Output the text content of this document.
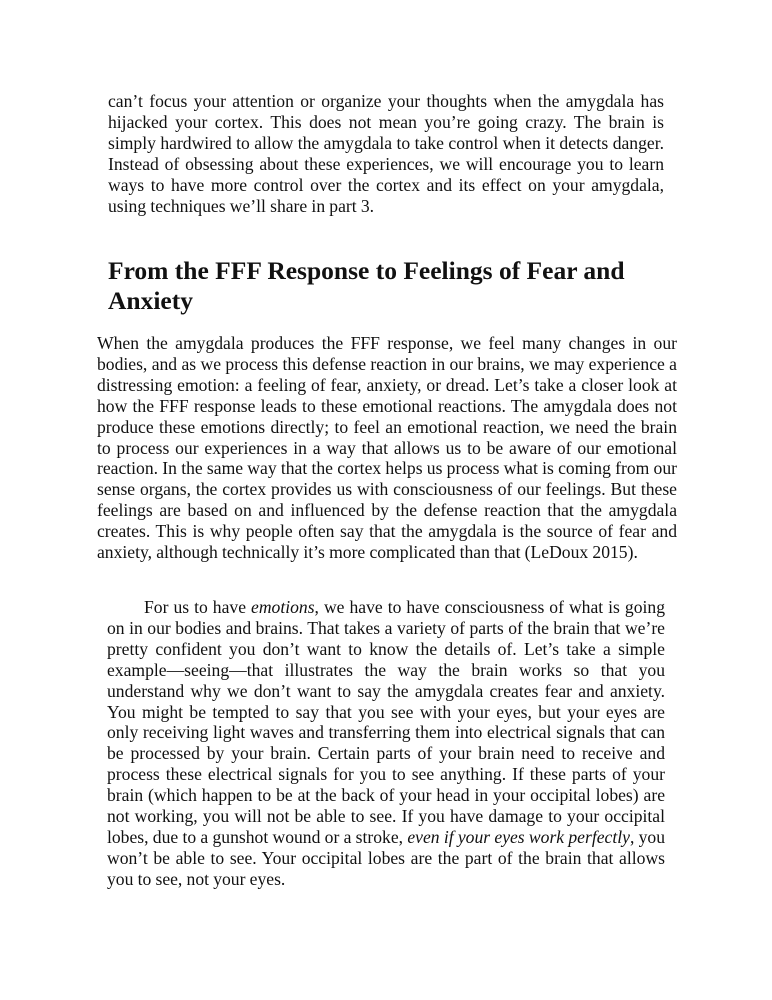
can’t focus your attention or organize your thoughts when the amygdala has hijacked your cortex. This does not mean you’re going crazy. The brain is simply hardwired to allow the amygdala to take control when it detects danger. Instead of obsessing about these experiences, we will encourage you to learn ways to have more control over the cortex and its effect on your amygdala, using techniques we’ll share in part 3.

From the FFF Response to Feelings of Fear and Anxiety

When the amygdala produces the FFF response, we feel many changes in our bodies, and as we process this defense reaction in our brains, we may experience a distressing emotion: a feeling of fear, anxiety, or dread. Let’s take a closer look at how the FFF response leads to these emotional reactions. The amygdala does not produce these emotions directly; to feel an emotional reaction, we need the brain to process our experiences in a way that allows us to be aware of our emotional reaction. In the same way that the cortex helps us process what is coming from our sense organs, the cortex provides us with consciousness of our feelings. But these feelings are based on and influenced by the defense reaction that the amygdala creates. This is why people often say that the amygdala is the source of fear and anxiety, although technically it’s more complicated than that (LeDoux 2015).

For us to have emotions, we have to have consciousness of what is going on in our bodies and brains. That takes a variety of parts of the brain that we’re pretty confident you don’t want to know the details of. Let’s take a simple example—seeing—that illustrates the way the brain works so that you understand why we don’t want to say the amygdala creates fear and anxiety. You might be tempted to say that you see with your eyes, but your eyes are only receiving light waves and transferring them into electrical signals that can be processed by your brain. Certain parts of your brain need to receive and process these electrical signals for you to see anything. If these parts of your brain (which happen to be at the back of your head in your occipital lobes) are not working, you will not be able to see. If you have damage to your occipital lobes, due to a gunshot wound or a stroke, even if your eyes work perfectly, you won’t be able to see. Your occipital lobes are the part of the brain that allows you to see, not your eyes.
